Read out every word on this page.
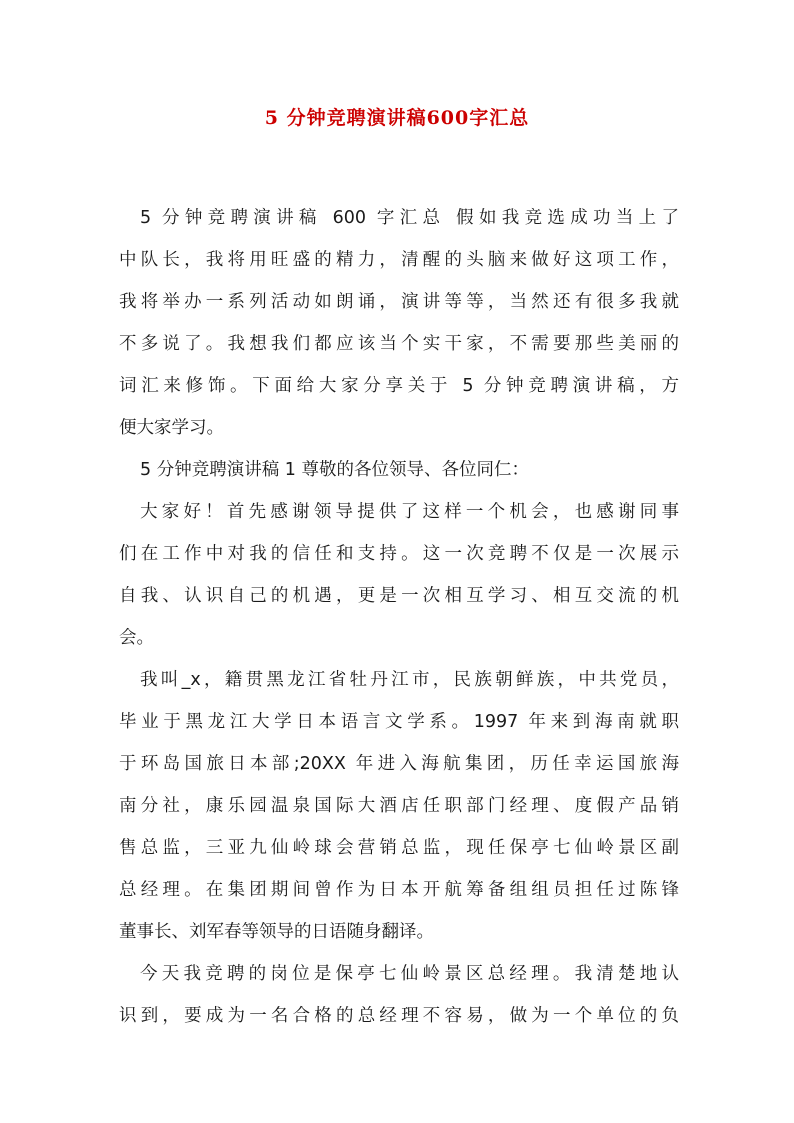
5 分钟竞聘演讲稿600字汇总

5 分钟竞聘演讲稿 600 字汇总 假如我竞选成功当上了

中队长，我将用旺盛的精力，清醒的头脑来做好这项工作，

我将举办一系列活动如朗诵，演讲等等，当然还有很多我就

不多说了。我想我们都应该当个实干家，不需要那些美丽的

词汇来修饰。下面给大家分享关于 5 分钟竞聘演讲稿，方

便大家学习。

5 分钟竞聘演讲稿 1 尊敬的各位领导、各位同仁：

大家好！首先感谢领导提供了这样一个机会，也感谢同事

们在工作中对我的信任和支持。这一次竞聘不仅是一次展示

自我、认识自己的机遇，更是一次相互学习、相互交流的机

会。

我叫_x，籍贯黑龙江省牡丹江市，民族朝鲜族，中共党员，

毕业于黑龙江大学日本语言文学系。1997 年来到海南就职

于环岛国旅日本部;20XX 年进入海航集团，历任幸运国旅海

南分社，康乐园温泉国际大酒店任职部门经理、度假产品销

售总监，三亚九仙岭球会营销总监，现任保亭七仙岭景区副

总经理。在集团期间曾作为日本开航筹备组组员担任过陈锋

董事长、刘军春等领导的日语随身翻译。

今天我竞聘的岗位是保亭七仙岭景区总经理。我清楚地认

识到，要成为一名合格的总经理不容易，做为一个单位的负
